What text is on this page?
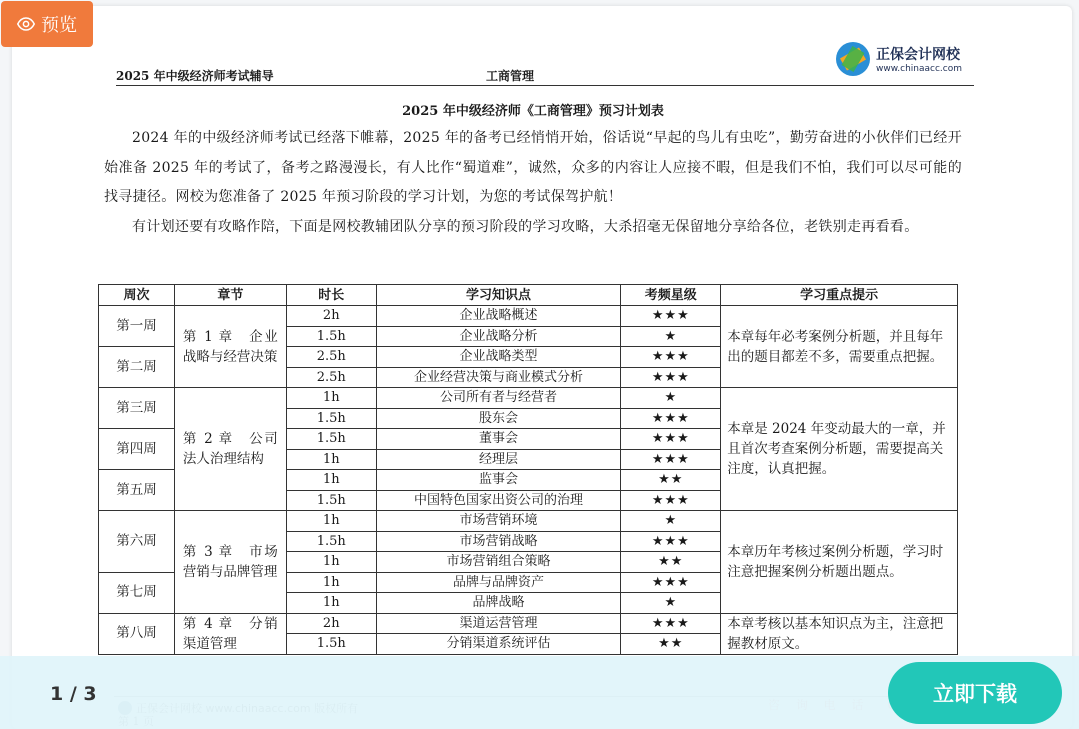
2025 年中级经济师考试辅导	工商管理
正保会计网校
www.chinaacc.com
2025 年中级经济师《工商管理》预习计划表

2024 年的中级经济师考试已经落下帷幕，2025 年的备考已经悄悄开始，俗话说“早起的鸟儿有虫吃”，勤劳奋进的小伙伴们已经开始准备 2025 年的考试了，备考之路漫漫长，有人比作“蜀道难”，诚然，众多的内容让人应接不暇，但是我们不怕，我们可以尽可能的找寻捷径。网校为您准备了 2025 年预习阶段的学习计划，为您的考试保驾护航！

有计划还要有攻略作陪，下面是网校教辅团队分享的预习阶段的学习攻略，大杀招毫无保留地分享给各位，老铁别走再看看。

周次	章节	时长	学习知识点	考频星级	学习重点提示
第一周	第 1 章　企业战略与经营决策	2h	企业战略概述	★★★	本章每年必考案例分析题，并且每年出的题目都差不多，需要重点把握。
		1.5h	企业战略分析	★	
第二周		2.5h	企业战略类型	★★★	
		2.5h	企业经营决策与商业模式分析	★★★	
第三周	第 2 章　公司法人治理结构	1h	公司所有者与经营者	★	本章是 2024 年变动最大的一章，并且首次考查案例分析题，需要提高关注度，认真把握。
		1.5h	股东会	★★★	
第四周		1.5h	董事会	★★★	
		1h	经理层	★★★	
第五周		1h	监事会	★★	
		1.5h	中国特色国家出资公司的治理	★★★	
第六周	第 3 章　市场营销与品牌管理	1h	市场营销环境	★	本章历年考核过案例分析题，学习时注意把握案例分析题出题点。
		1.5h	市场营销战略	★★★	
		1h	市场营销组合策略	★★	
第七周		1h	品牌与品牌资产	★★★	
		1h	品牌战略	★	
第八周	第 4 章　分销渠道管理	2h	渠道运营管理	★★★	本章考核以基本知识点为主，注意把握教材原文。
		1.5h	分销渠道系统评估	★★	
预览
1 / 3	立即下载
